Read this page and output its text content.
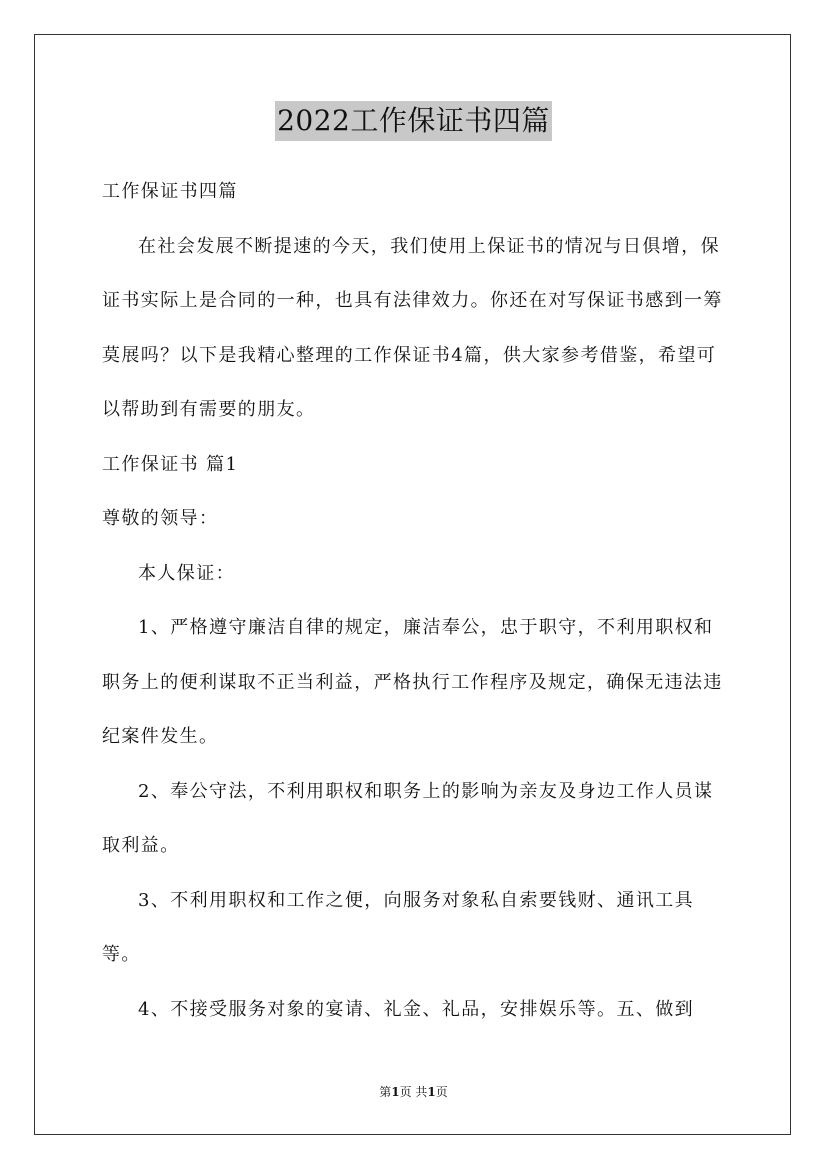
2022工作保证书四篇

工作保证书四篇

在社会发展不断提速的今天，我们使用上保证书的情况与日俱增，保证书实际上是合同的一种，也具有法律效力。你还在对写保证书感到一筹莫展吗？以下是我精心整理的工作保证书4篇，供大家参考借鉴，希望可以帮助到有需要的朋友。

工作保证书 篇1

尊敬的领导：

本人保证：

1、严格遵守廉洁自律的规定，廉洁奉公，忠于职守，不利用职权和职务上的便利谋取不正当利益，严格执行工作程序及规定，确保无违法违纪案件发生。

2、奉公守法，不利用职权和职务上的影响为亲友及身边工作人员谋取利益。

3、不利用职权和工作之便，向服务对象私自索要钱财、通讯工具等。

4、不接受服务对象的宴请、礼金、礼品，安排娱乐等。五、做到

第1页 共1页
